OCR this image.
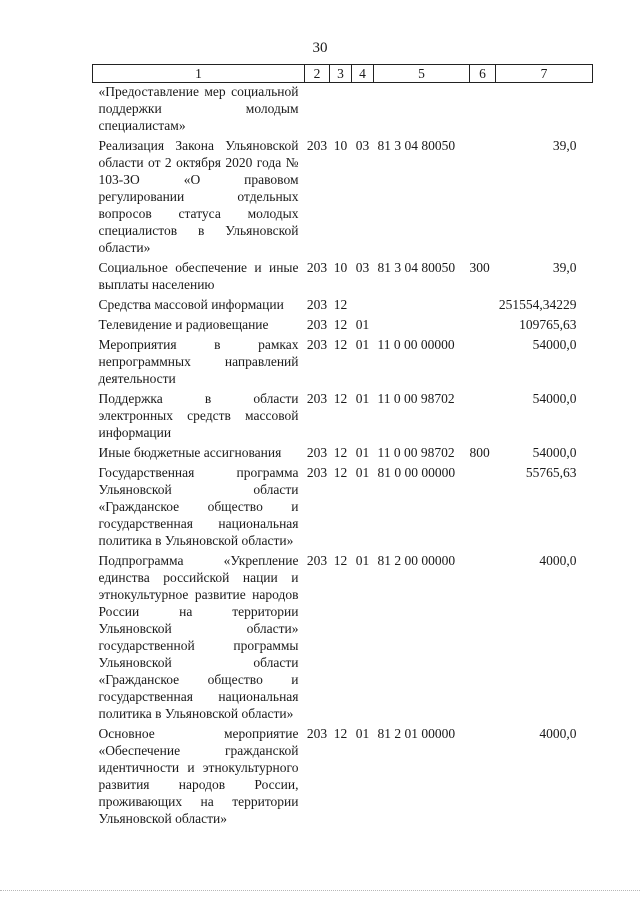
30
1	2	3	4	5	6	7
«Предоставление мер социальной поддержки молодым специалистам»						
Реализация Закона Ульяновской области от 2 октября 2020 года № 103-ЗО «О правовом регулировании отдельных вопросов статуса молодых специалистов в Ульяновской области»	203	10	03	81 3 04 80050		39,0
Социальное обеспечение и иные выплаты населению	203	10	03	81 3 04 80050	300	39,0
Средства массовой информации	203	12				251554,34229
Телевидение и радиовещание	203	12	01			109765,63
Мероприятия в рамках непрограммных направлений деятельности	203	12	01	11 0 00 00000		54000,0
Поддержка в области электронных средств массовой информации	203	12	01	11 0 00 98702		54000,0
Иные бюджетные ассигнования	203	12	01	11 0 00 98702	800	54000,0
Государственная программа Ульяновской области «Гражданское общество и государственная национальная политика в Ульяновской области»	203	12	01	81 0 00 00000		55765,63
Подпрограмма «Укрепление единства российской нации и этнокультурное развитие народов России на территории Ульяновской области» государственной программы Ульяновской области «Гражданское общество и государственная национальная политика в Ульяновской области»	203	12	01	81 2 00 00000		4000,0
Основное мероприятие «Обеспечение гражданской идентичности и этнокультурного развития народов России, проживающих на территории Ульяновской области»	203	12	01	81 2 01 00000		4000,0
